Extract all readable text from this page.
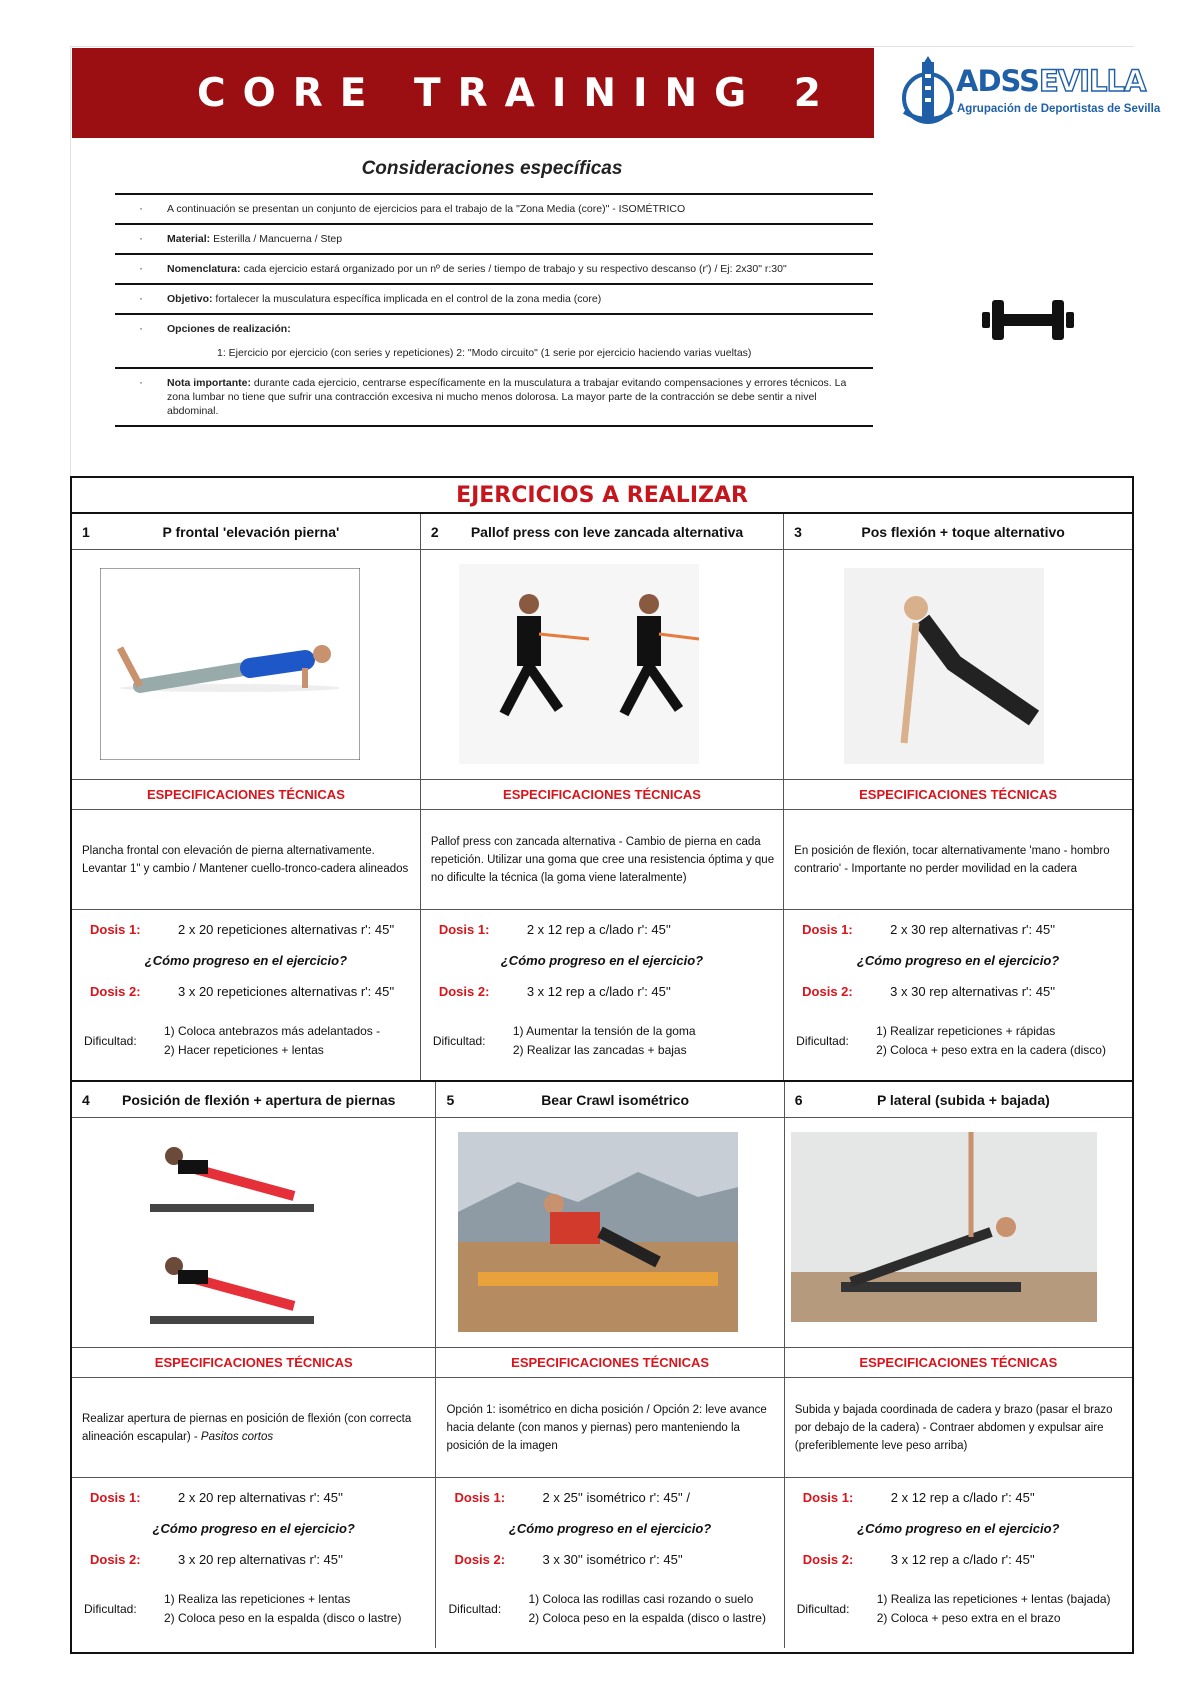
CORE TRAINING 2	ADSSEVILLA
Agrupación de Deportistas de Sevilla
Consideraciones específicas
· A continuación se presentan un conjunto de ejercicios para el trabajo de la "Zona Media (core)" - ISOMÉTRICO
· Material: Esterilla / Mancuerna / Step
· Nomenclatura: cada ejercicio estará organizado por un nº de series / tiempo de trabajo y su respectivo descanso (r') / Ej: 2x30" r:30"
· Objetivo: fortalecer la musculatura específica implicada en el control de la zona media (core)
· Opciones de realización:
1: Ejercicio por ejercicio (con series y repeticiones) 2: "Modo circuito" (1 serie por ejercicio haciendo varias vueltas)
· Nota importante: durante cada ejercicio, centrarse específicamente en la musculatura a trabajar evitando compensaciones y errores técnicos. La zona lumbar no tiene que sufrir una contracción excesiva ni mucho menos dolorosa. La mayor parte de la contracción se debe sentir a nivel abdominal.
EJERCICIOS A REALIZAR
1	P frontal 'elevación pierna'
ESPECIFICACIONES TÉCNICAS
Plancha frontal con elevación de pierna alternativamente. Levantar 1" y cambio / Mantener cuello-tronco-cadera alineados
Dosis 1:	2 x 20 repeticiones alternativas r': 45''
¿Cómo progreso en el ejercicio?
Dosis 2:	3 x 20 repeticiones alternativas r': 45''
Dificultad:
1) Coloca antebrazos más adelantados -
2) Hacer repeticiones + lentas
2	Pallof press con leve zancada alternativa
ESPECIFICACIONES TÉCNICAS
Pallof press con zancada alternativa - Cambio de pierna en cada repetición. Utilizar una goma que cree una resistencia óptima y que no dificulte la técnica (la goma viene lateralmente)
Dosis 1:	2 x 12 rep a c/lado r': 45''
¿Cómo progreso en el ejercicio?
Dosis 2:	3 x 12 rep a c/lado r': 45''
Dificultad:
1) Aumentar la tensión de la goma
2) Realizar las zancadas + bajas
3	Pos flexión + toque alternativo
ESPECIFICACIONES TÉCNICAS
En posición de flexión, tocar alternativamente 'mano - hombro contrario' - Importante no perder movilidad en la cadera
Dosis 1:	2 x 30 rep alternativas r': 45''
¿Cómo progreso en el ejercicio?
Dosis 2:	3 x 30 rep alternativas r': 45''
Dificultad:
1) Realizar repeticiones + rápidas
2) Coloca + peso extra en la cadera (disco)
4	Posición de flexión + apertura de piernas
ESPECIFICACIONES TÉCNICAS
Realizar apertura de piernas en posición de flexión (con correcta alineación escapular) - Pasitos cortos
Dosis 1:	2 x 20 rep alternativas r': 45''
¿Cómo progreso en el ejercicio?
Dosis 2:	3 x 20 rep alternativas r': 45''
Dificultad:
1) Realiza las repeticiones + lentas
2) Coloca peso en la espalda (disco o lastre)
5	Bear Crawl isométrico
ESPECIFICACIONES TÉCNICAS
Opción 1: isométrico en dicha posición / Opción 2: leve avance hacia delante (con manos y piernas) pero manteniendo la posición de la imagen
Dosis 1:	2 x 25'' isométrico r': 45'' /
¿Cómo progreso en el ejercicio?
Dosis 2:	3 x 30'' isométrico r': 45''
Dificultad:
1) Coloca las rodillas casi rozando o suelo
2) Coloca peso en la espalda (disco o lastre)
6	P lateral (subida + bajada)
ESPECIFICACIONES TÉCNICAS
Subida y bajada coordinada de cadera y brazo (pasar el brazo por debajo de la cadera) - Contraer abdomen y expulsar aire (preferiblemente leve peso arriba)
Dosis 1:	2 x 12 rep a c/lado r': 45''
¿Cómo progreso en el ejercicio?
Dosis 2:	3 x 12 rep a c/lado r': 45''
Dificultad:
1) Realiza las repeticiones + lentas (bajada)
2) Coloca + peso extra en el brazo
